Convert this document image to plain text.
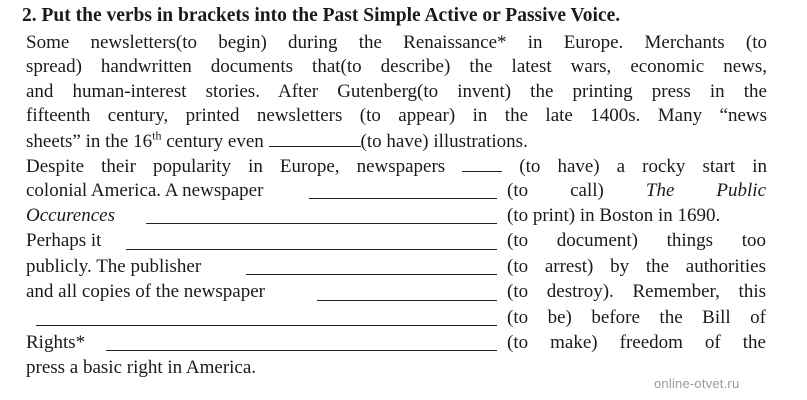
2. Put the verbs in brackets into the Past Simple Active or Passive Voice.
Some newsletters(to begin) during the Renaissance* in Europe. Merchants (to
spread) handwritten documents that(to describe) the latest wars, economic news,
and human-interest stories. After Gutenberg(to invent) the printing press in the
fifteenth century, printed newsletters (to appear) in the late 1400s. Many “news
sheets” in the 16th century even	(to have) illustrations.
Despite their popularity in Europe, newspapers  (to have) a rocky start in
colonial America. A newspaper	(to call) The Public
Occurences	(to print) in Boston in 1690.
Perhaps it	(to document) things too
publicly. The publisher	(to arrest) by the authorities
and all copies of the newspaper	(to destroy). Remember, this
(to be) before the Bill of
Rights*	(to make) freedom of the
press a basic right in America.
online-otvet.ru
